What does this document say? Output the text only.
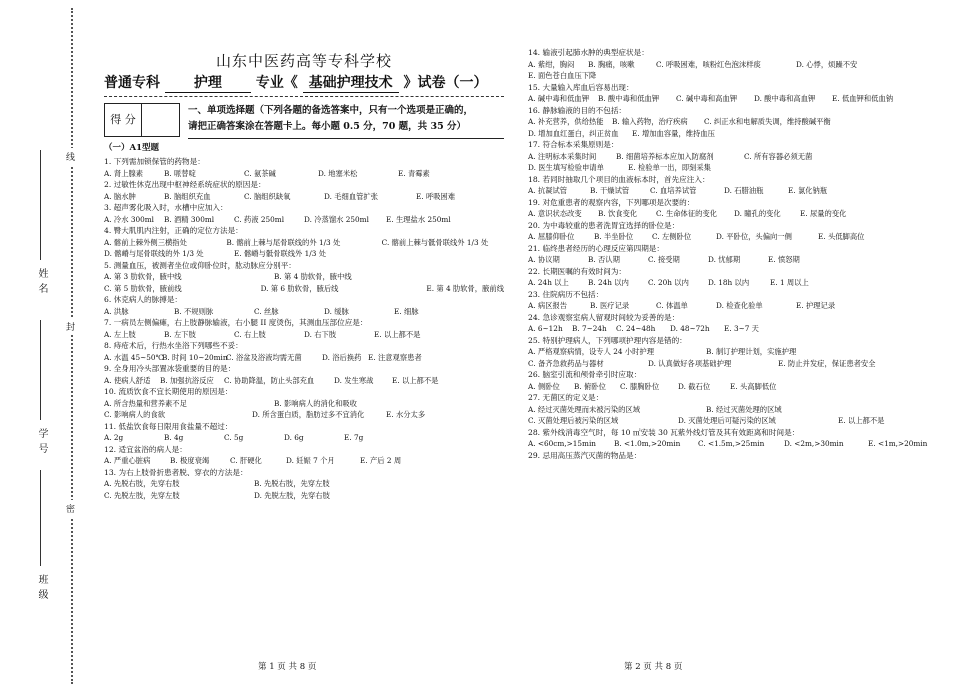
线
封
密
姓 名
学 号
班 级
山东中医药高等专科学校
普通专科 护理 专业《 基础护理技术 》试卷（一）
得 分
一、单项选择题（下列各题的备选答案中，只有一个选项是正确的，
请把正确答案涂在答题卡上。每小题 0.5 分，70 题，共 35 分）
（一）A1型题
1. 下列需加锁保管的药物是：
A. 肾上腺素	B. 哌替啶	C. 氨茶碱	D. 地塞米松	E. 青霉素
2. 过敏性休克出现中枢神经系统症状的原因是：
A. 脑水肿	B. 脑组织充血	C. 脑组织缺氧	D. 毛细血管扩张	E. 呼吸困难
3. 超声雾化吸入时，水槽中应加入：
A. 冷水 300ml	B. 酒精 300ml	C. 药液 250ml	D. 冷蒸馏水 250ml	E. 生理盐水 250ml
4. 臀大肌肌内注射，正确的定位方法是：
A. 髂前上棘外侧三横指处	B. 髂前上棘与尾骨联线的外 1/3 处	C. 髂前上棘与骶骨联线外 1/3 处
D. 髂嵴与尾骨联线的外 1/3 处	E. 髂嵴与骶骨联线外 1/3 处
5. 测量血压，被测者坐位或仰卧位时，肱动脉应分别平：
A. 第 3 肋软骨，腋中线	B. 第 4 肋软骨，腋中线
C. 第 5 肋软骨，腋前线	D. 第 6 肋软骨，腋后线	E. 第 4 肋软骨，腋前线
6. 休克病人的脉搏是：
A. 洪脉	B. 不规则脉	C. 丝脉	D. 缓脉	E. 细脉
7. 一病员左侧偏瘫，右上肢静脉输液，右小腿 II 度烫伤，其测血压部位应是：
A. 左上肢	B. 左下肢	C. 右上肢	D. 右下肢	E. 以上都不是
8. 痔疮术后，行热水坐浴下列哪些不妥：
A. 水温 45~50℃
B. 时间 10~20min
C. 浴盆及浴液均需无菌	D. 浴后换药 E. 注意观察患者
9. 全身用冷头部置冰袋重要的目的是：
A. 使病人舒适	B. 加强抗浴反应	C. 协助降温，防止头部充血	D. 发生寒战	E. 以上都不是
10. 流质饮食不宜长期使用的原因是：
A. 所含热量和营养素不足	B. 影响病人的消化和吸收
C. 影响病人的食欲	D. 所含蛋白质，脂肪过多不宜消化	E. 水分太多
11. 低盐饮食每日限用食盐量不超过：
A. 2g	B. 4g	C. 5g	D. 6g	E. 7g
12. 适宜盆浴的病人是：
A. 严重心脏病	B. 极度衰竭	C. 肝硬化	D. 妊娠 7 个月	E. 产后 2 周
13. 为右上肢骨折患者脱、穿衣的方法是：
A. 先脱右肢，先穿右肢	B. 先脱右肢，先穿左肢
C. 先脱左肢，先穿左肢	D. 先脱左肢，先穿右肢
14. 输液引起肺水肿的典型症状是：
A. 紫绀，胸闷	B. 胸痛，咳嗽	C. 呼吸困难，咳粉红色泡沫样痰	D. 心悸，烦躁不安
E. 面色苍白血压下降
15. 大量输入库血后容易出现：
A. 碱中毒和低血钾	B. 酸中毒和低血钾	C. 碱中毒和高血钾	D. 酸中毒和高血钾	E. 低血钾和低血钠
16. 静脉输液的目的不包括：
A. 补充营养，供给热能	B. 输入药物，治疗疾病	C. 纠正水和电解质失调，维持酸碱平衡
D. 增加血红蛋白，纠正贫血	E. 增加血容量，维持血压
17. 符合标本采集原则是：
A. 注明标本采集时间	B. 细菌培养标本应加入防腐剂	C. 所有容器必须无菌
D. 医生填写检验申请单	E. 检验单一出，即刻采集
18. 若同时抽取几个项目的血液标本时，首先应注入：
A. 抗凝试管	B. 干燥试管	C. 血培养试管	D. 石腊油瓶	E. 氯化钠瓶
19. 对危重患者的观察内容，下列哪项是次要的：
A. 意识状态改变	B. 饮食变化	C. 生命体征的变化	D. 瞳孔的变化	E. 尿量的变化
20. 为中毒较重的患者洗胃宜选择的卧位是：
A. 屈膝仰卧位	B. 半坐卧位	C. 左侧卧位	D. 平卧位，头偏向一侧	E. 头低脚高位
21. 临终患者经历的心理反应第四期是：
A. 协议期	B. 否认期	C. 接受期	D. 忧郁期	E. 愤怒期
22. 长期医嘱的有效时间为：
A. 24h 以上	B. 24h 以内	C. 20h 以内	D. 18h 以内	E. 1 周以上
23. 住院病历不包括：
A. 病区报告	B. 医疗记录	C. 体温单	D. 检查化验单	E. 护理记录
24. 急诊观察室病人留观时间较为妥善的是：
A. 6~12h	B. 7~24h	C. 24~48h	D. 48~72h	E. 3~7 天
25. 特别护理病人，下列哪项护理内容是错的：
A. 严格观察病情，设专人 24 小时护理	B. 制订护理计划，实施护理
C. 备齐急救药品与器材	D. 认真做好各项基础护理	E. 防止并发症，保证患者安全
26. 脑室引流和颅骨牵引时应取：
A. 侧卧位	B. 俯卧位	C. 膝胸卧位	D. 截石位	E. 头高脚低位
27. 无菌区的定义是：
A. 经过灭菌处理而未被污染的区域	B. 经过灭菌处理的区域
C. 灭菌处理后被污染的区域	D. 灭菌处理后可疑污染的区域	E. 以上都不是
28. 紫外线消毒空气时，每 10 ㎡安装 30 瓦紫外线灯管及其有效距离和时间是：
A. <60cm,>15min	B. <1.0m,>20min	C. <1.5m,>25min	D. <2m,>30min	E. <1m,>20min
29. 忌用高压蒸汽灭菌的物品是：
第 1 页 共 8 页	第 2 页 共 8 页
